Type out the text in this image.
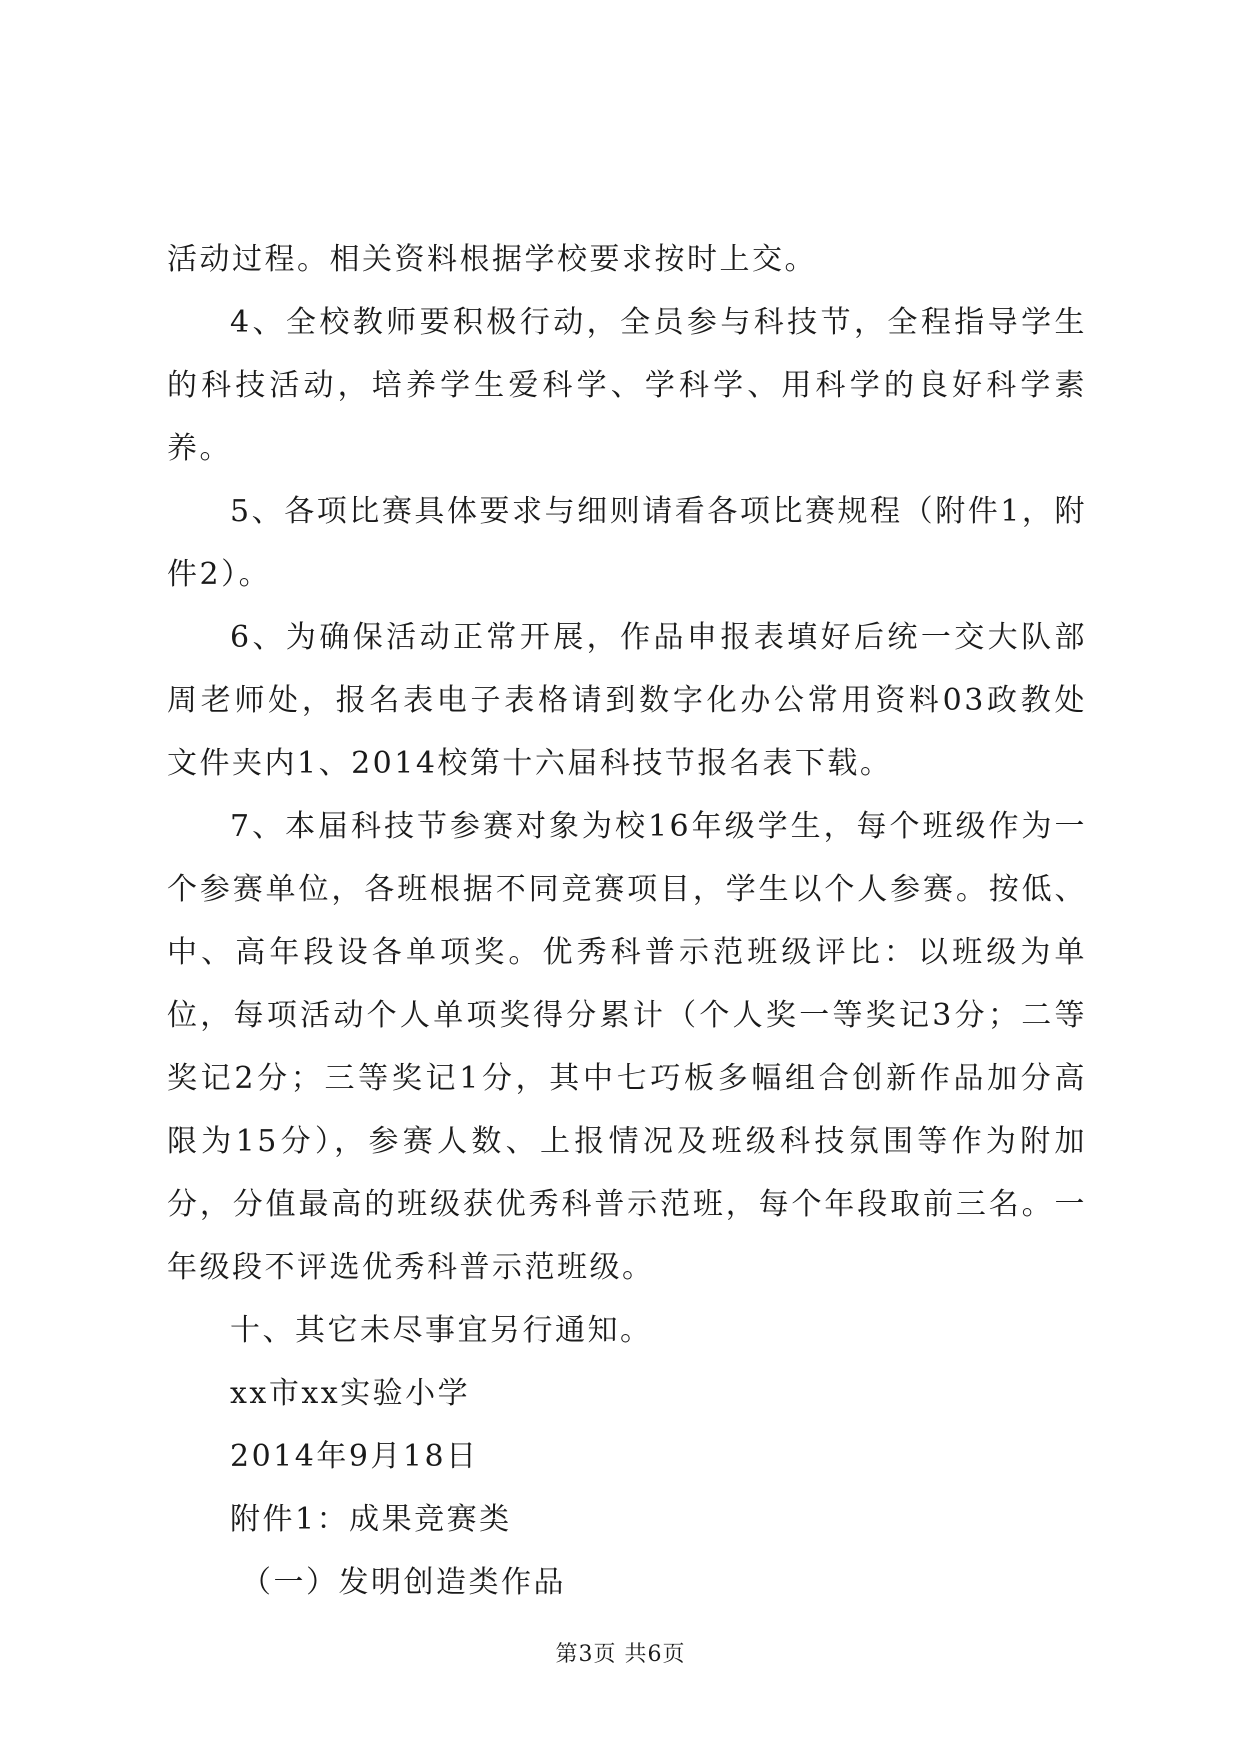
活动过程。相关资料根据学校要求按时上交。

4、全校教师要积极行动，全员参与科技节，全程指导学生的科技活动，培养学生爱科学、学科学、用科学的良好科学素养。

5、各项比赛具体要求与细则请看各项比赛规程（附件1，附件2）。

6、为确保活动正常开展，作品申报表填好后统一交大队部周老师处，报名表电子表格请到数字化办公常用资料03政教处文件夹内1、2014校第十六届科技节报名表下载。

7、本届科技节参赛对象为校16年级学生，每个班级作为一个参赛单位，各班根据不同竞赛项目，学生以个人参赛。按低、中、高年段设各单项奖。优秀科普示范班级评比：以班级为单位，每项活动个人单项奖得分累计（个人奖一等奖记3分；二等奖记2分；三等奖记1分，其中七巧板多幅组合创新作品加分高限为15分），参赛人数、上报情况及班级科技氛围等作为附加分，分值最高的班级获优秀科普示范班，每个年段取前三名。一年级段不评选优秀科普示范班级。

十、其它未尽事宜另行通知。
xx市xx实验小学
2014年9月18日
附件1：成果竞赛类
（一）发明创造类作品
第3页 共6页
